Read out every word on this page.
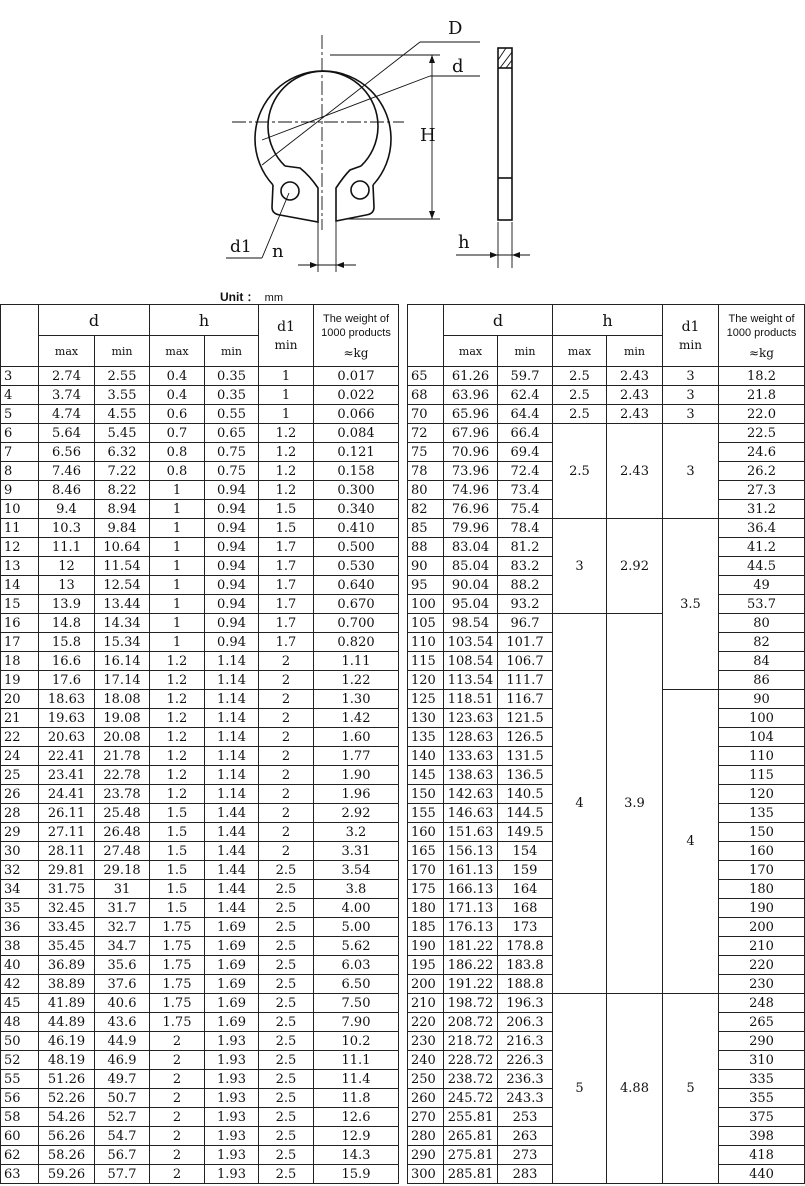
D
d
H
d1 n	h
Unit ： mm
	d		h		d1
min	The weight of 1000 products
≈kg

	max	min	max	min		
3	2.74	2.55	0.4	0.35	1	0.017
4	3.74	3.55	0.4	0.35	1	0.022
5	4.74	4.55	0.6	0.55	1	0.066
6	5.64	5.45	0.7	0.65	1.2	0.084
7	6.56	6.32	0.8	0.75	1.2	0.121
8	7.46	7.22	0.8	0.75	1.2	0.158
9	8.46	8.22	1	0.94	1.2	0.300
10	9.4	8.94	1	0.94	1.5	0.340
11	10.3	9.84	1	0.94	1.5	0.410
12	11.1	10.64	1	0.94	1.7	0.500
13	12	11.54	1	0.94	1.7	0.530
14	13	12.54	1	0.94	1.7	0.640
15	13.9	13.44	1	0.94	1.7	0.670
16	14.8	14.34	1	0.94	1.7	0.700
17	15.8	15.34	1	0.94	1.7	0.820
18	16.6	16.14	1.2	1.14	2	1.11
19	17.6	17.14	1.2	1.14	2	1.22
20	18.63	18.08	1.2	1.14	2	1.30
21	19.63	19.08	1.2	1.14	2	1.42
22	20.63	20.08	1.2	1.14	2	1.60
24	22.41	21.78	1.2	1.14	2	1.77
25	23.41	22.78	1.2	1.14	2	1.90
26	24.41	23.78	1.2	1.14	2	1.96
28	26.11	25.48	1.5	1.44	2	2.92
29	27.11	26.48	1.5	1.44	2	3.2
30	28.11	27.48	1.5	1.44	2	3.31
32	29.81	29.18	1.5	1.44	2.5	3.54
34	31.75	31	1.5	1.44	2.5	3.8
35	32.45	31.7	1.5	1.44	2.5	4.00
36	33.45	32.7	1.75	1.69	2.5	5.00
38	35.45	34.7	1.75	1.69	2.5	5.62
40	36.89	35.6	1.75	1.69	2.5	6.03
42	38.89	37.6	1.75	1.69	2.5	6.50
45	41.89	40.6	1.75	1.69	2.5	7.50
48	44.89	43.6	1.75	1.69	2.5	7.90
50	46.19	44.9	2	1.93	2.5	10.2
52	48.19	46.9	2	1.93	2.5	11.1
55	51.26	49.7	2	1.93	2.5	11.4
56	52.26	50.7	2	1.93	2.5	11.8
58	54.26	52.7	2	1.93	2.5	12.6
60	56.26	54.7	2	1.93	2.5	12.9
62	58.26	56.7	2	1.93	2.5	14.3
63	59.26	57.7	2	1.93	2.5	15.9
	d		h		d1
min	The weight of 1000 products
≈kg

	max	min	max	min		
65	61.26	59.7	2.5	2.43	3	18.2
68	63.96	62.4	2.5	2.43	3	21.8
70	65.96	64.4	2.5	2.43	3	22.0
72	67.96	66.4	2.5	2.43	3	22.5
75	70.96	69.4				24.6
78	73.96	72.4				26.2
80	74.96	73.4				27.3
82	76.96	75.4				31.2
85	79.96	78.4	3	2.92	3.5	36.4
88	83.04	81.2				41.2
90	85.04	83.2				44.5
95	90.04	88.2				49
100	95.04	93.2				53.7
105	98.54	96.7	4	3.9		80
110	103.54	101.7				82
115	108.54	106.7				84
120	113.54	111.7				86
125	118.51	116.7			4	90
130	123.63	121.5				100
135	128.63	126.5				104
140	133.63	131.5				110
145	138.63	136.5				115
150	142.63	140.5				120
155	146.63	144.5				135
160	151.63	149.5				150
165	156.13	154				160
170	161.13	159				170
175	166.13	164				180
180	171.13	168				190
185	176.13	173				200
190	181.22	178.8				210
195	186.22	183.8				220
200	191.22	188.8				230
210	198.72	196.3	5	4.88	5	248
220	208.72	206.3				265
230	218.72	216.3				290
240	228.72	226.3				310
250	238.72	236.3				335
260	245.72	243.3				355
270	255.81	253				375
280	265.81	263				398
290	275.81	273				418
300	285.81	283				440
